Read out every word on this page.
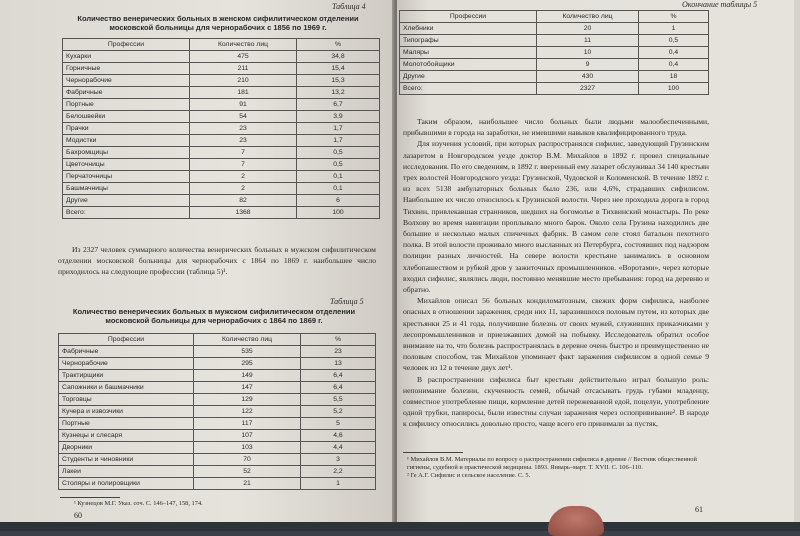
Таблица 4
Количество венерических больных в женском сифилитическом отделении московской больницы для чернорабочих с 1856 по 1969 г.
Профессии	Количество лиц	%
Кухарки	475	34,8
Горничные	211	15,4
Чернорабочие	210	15,3
Фабричные	181	13,2
Портные	91	6,7
Белошвейки	54	3,9
Прачки	23	1,7
Модистки	23	1,7
Бахромщицы	7	0,5
Цветочницы	7	0,5
Перчаточницы	2	0,1
Башмачницы	2	0,1
Другие	82	6
Всего:	1368	100

Из 2327 человек суммарного количества венерических больных в мужском сифилитическом отделении московской больницы для чернорабочих с 1864 по 1869 г. наибольшее число приходилось на следующие профессии (таблица 5)¹.

Таблица 5
Количество венерических больных в мужском сифилитическом отделении московской больницы для чернорабочих с 1864 по 1869 г.
Профессии	Количество лиц	%
Фабричные	535	23
Чернорабочие	295	13
Трактирщики	149	6,4
Сапожники и башмачники	147	6,4
Торговцы	129	5,5
Кучера и извозчики	122	5,2
Портные	117	5
Кузнецы и слесаря	107	4,6
Дворники	103	4,4
Студенты и чиновники	70	3
Лакеи	52	2,2
Столяры и полировщики	21	1
¹ Кузнецов М.Г. Указ. соч. С. 146–147, 158, 174.
60
Окончание таблицы 5
Профессии	Количество лиц	%
Хлебники	20	1
Типографы	11	0,5
Маляры	10	0,4
Молотобойщики	9	0,4
Другие	430	18
Всего:	2327	100

Таким образом, наибольшее число больных были людьми малообеспеченными, прибывшими в города на заработки, не имевшими навыков квалифицированного труда.

Для изучения условий, при которых распространялся сифилис, заведующий Грузинским лазаретом в Новгородском уезде доктор В.М. Михайлов в 1892 г. провел специальные исследования. По его сведениям, в 1892 г. вверенный ему лазарет обслуживал 34 140 крестьян трех волостей Новгородского уезда: Грузинской, Чудовской и Коломенской. В течение 1892 г. из всех 5138 амбулаторных больных было 236, или 4,6%, страдавших сифилисом. Наибольшее их число относилось к Грузинской волости. Через нее проходила дорога в город Тихвин, привлекавшая странников, шедших на богомолье в Тихвинский монастырь. По реке Волхову во время навигации проплывало много барок. Около села Грузина находились две большие и несколько малых спичечных фабрик. В самом селе стоял батальон пехотного полка. В этой волости проживало много высланных из Петербурга, состоявших под надзором полиции разных личностей. На севере волости крестьяне занимались в основном хлебопашеством и рубкой дров у зажиточных промышленников. «Воротами», через которые входил сифилис, являлись люди, постоянно менявшие место пребывания: город на деревню и обратно.

Михайлов описал 56 больных кондиломатозным, свежих форм сифилиса, наиболее опасных в отношении заражения, среди них 11, заразившихся половым путем, из которых две крестьянки 25 и 41 года, получившие болезнь от своих мужей, служивших приказчиками у лесопромышленников и приезжавших домой на побывку. Исследователь обратил особое внимание на то, что болезнь распространялась в деревне очень быстро и преимущественно не половым способом, так Михайлов упоминает факт заражения сифилисом в одной семье 9 человек из 12 в течение двух лет¹.

В распространении сифилиса быт крестьян действительно играл большую роль: непонимание болезни, скученность семей, обычай отсасывать грудь губами младенцу, совместное употребление пищи, кормление детей пережеванной едой, поцелуи, употребление одной трубки, папиросы, были известны случаи заражения через оспопрививание². В народе к сифилису относились довольно просто, чаще всего его принимали за пустяк,

¹ Михайлов В.М. Материалы по вопросу о распространении сифилиса в деревне // Вестник общественной гигиены, судебной и практической медицины. 1893. Январь–март. Т. XVII. С. 106–110.
² Ге А.Г. Сифилис и сельское население. С. 5.
61
